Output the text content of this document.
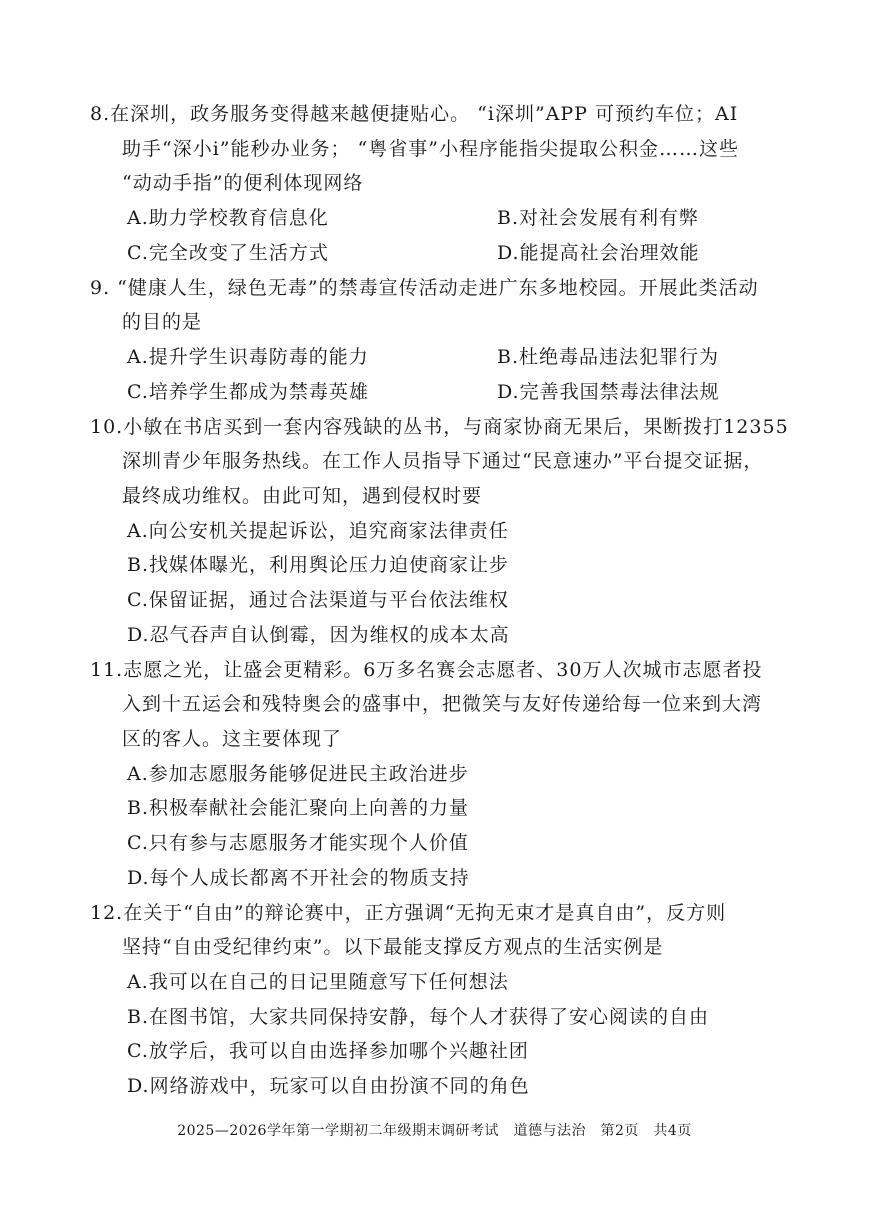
8.在深圳，政务服务变得越来越便捷贴心。 “i深圳”APP 可预约车位；AI
助手“深小i”能秒办业务； “粤省事”小程序能指尖提取公积金……这些
“动动手指”的便利体现网络
A.助力学校教育信息化	B.对社会发展有利有弊
C.完全改变了生活方式	D.能提高社会治理效能
9. “健康人生，绿色无毒”的禁毒宣传活动走进广东多地校园。开展此类活动
的目的是
A.提升学生识毒防毒的能力	B.杜绝毒品违法犯罪行为
C.培养学生都成为禁毒英雄	D.完善我国禁毒法律法规
10.小敏在书店买到一套内容残缺的丛书，与商家协商无果后，果断拨打12355
深圳青少年服务热线。在工作人员指导下通过“民意速办”平台提交证据，
最终成功维权。由此可知，遇到侵权时要
A.向公安机关提起诉讼，追究商家法律责任
B.找媒体曝光，利用舆论压力迫使商家让步
C.保留证据，通过合法渠道与平台依法维权
D.忍气吞声自认倒霉，因为维权的成本太高
11.志愿之光，让盛会更精彩。6万多名赛会志愿者、30万人次城市志愿者投
入到十五运会和残特奥会的盛事中，把微笑与友好传递给每一位来到大湾
区的客人。这主要体现了
A.参加志愿服务能够促进民主政治进步
B.积极奉献社会能汇聚向上向善的力量
C.只有参与志愿服务才能实现个人价值
D.每个人成长都离不开社会的物质支持
12.在关于“自由”的辩论赛中，正方强调“无拘无束才是真自由”，反方则
坚持“自由受纪律约束”。以下最能支撑反方观点的生活实例是
A.我可以在自己的日记里随意写下任何想法
B.在图书馆，大家共同保持安静，每个人才获得了安心阅读的自由
C.放学后，我可以自由选择参加哪个兴趣社团
D.网络游戏中，玩家可以自由扮演不同的角色
2025—2026学年第一学期初二年级期末调研考试　道德与法治　第2页　共4页
